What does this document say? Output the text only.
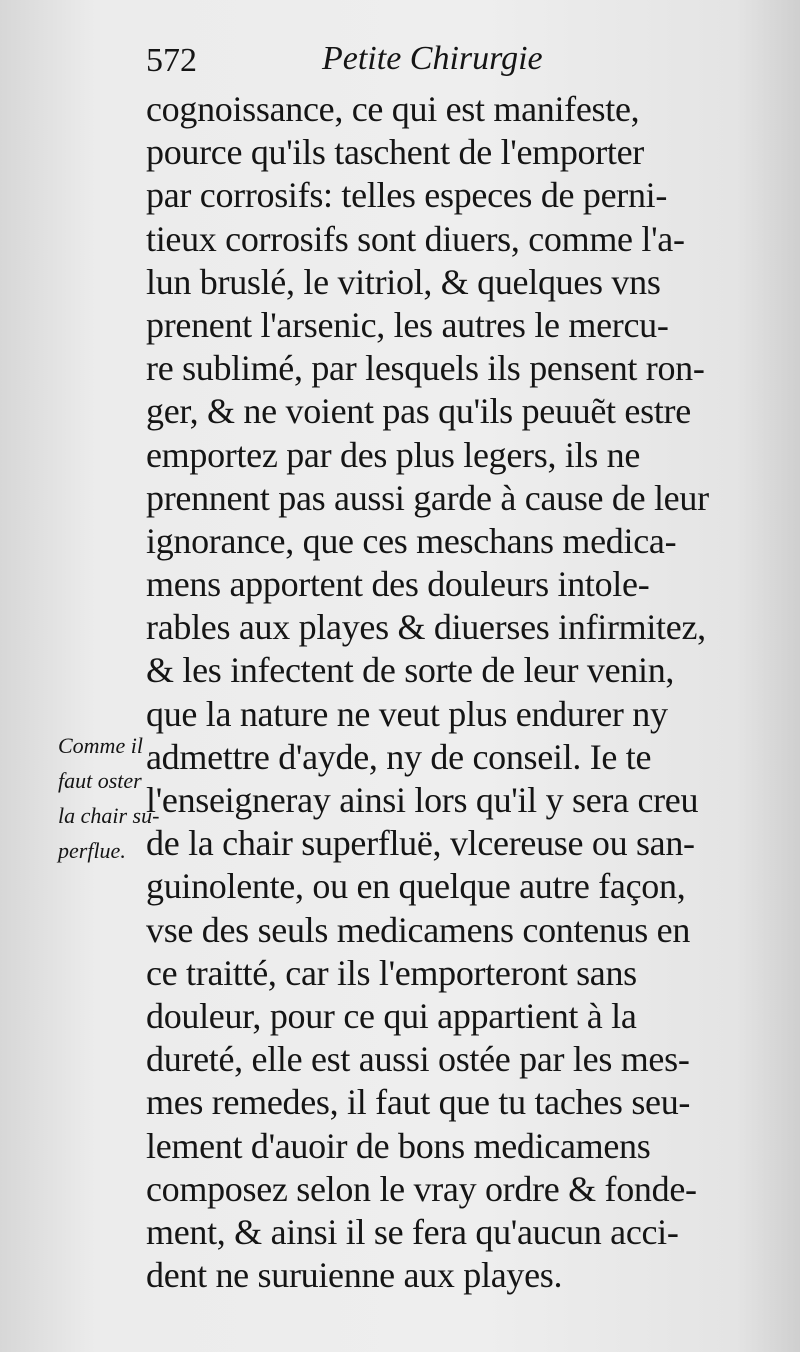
572	Petite Chirurgie
cognoissance, ce qui est manifeste,
pource qu'ils taschent de l'emporter
par corrosifs: telles especes de perni-
tieux corrosifs sont diuers, comme l'a-
lun bruslé, le vitriol, & quelques vns
prenent l'arsenic, les autres le mercu-
re sublimé, par lesquels ils pensent ron-
ger, & ne voient pas qu'ils peuuẽt estre
emportez par des plus legers, ils ne
prennent pas aussi garde à cause de leur
ignorance, que ces meschans medica-
mens apportent des douleurs intole-
rables aux playes & diuerses infirmitez,
& les infectent de sorte de leur venin,
que la nature ne veut plus endurer ny
admettre d'ayde, ny de conseil. Ie te
l'enseigneray ainsi lors qu'il y sera creu
de la chair superfluë, vlcereuse ou san-
guinolente, ou en quelque autre façon,
vse des seuls medicamens contenus en
ce traitté, car ils l'emporteront sans
douleur, pour ce qui appartient à la
dureté, elle est aussi ostée par les mes-
mes remedes, il faut que tu taches seu-
lement d'auoir de bons medicamens
composez selon le vray ordre & fonde-
ment, & ainsi il se fera qu'aucun acci-
dent ne suruienne aux playes.
Comme il
faut oster
la chair su-
perflue.
